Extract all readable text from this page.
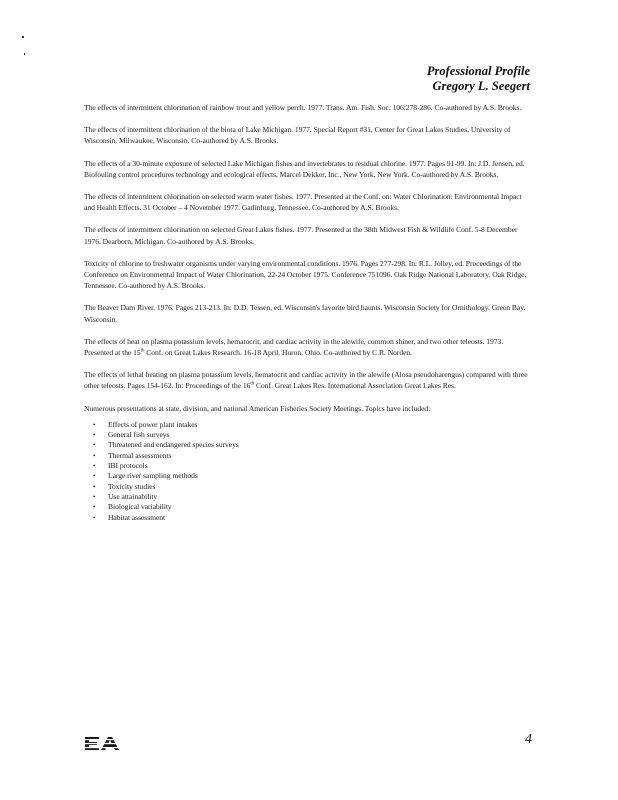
Professional Profile
Gregory L. Seegert

The effects of intermittent chlorination of rainbow trout and yellow perch. 1977. Trans. Am. Fish. Soc. 106:278-286. Co-authored by A.S. Brooks.

The effects of intermittent chlorination of the biota of Lake Michigan. 1977. Special Report #31, Center for Great Lakes Studies, University of Wisconsin, Milwaukee, Wisconsin. Co-authored by A.S. Brooks.

The effects of a 30-minute exposure of selected Lake Michigan fishes and invertebrates to residual chlorine. 1977. Pages 91-99. In: J.D. Jensen, ed. Biofouling control procedures technology and ecological effects, Marcel Dekker, Inc., New York, New York. Co-authored by A.S. Brooks.

The effects of intermittent chlorination on selected warm water fishes. 1977. Presented at the Conf. on: Water Chlorination: Environmental Impact and Health Effects. 31 October – 4 November 1977. Gatlinburg, Tennessee. Co-authored by A.S. Brooks.

The effects of intermittent chlorination on selected Great Lakes fishes. 1977. Presented at the 38th Midwest Fish & Wildlife Conf. 5-8 December 1976. Dearborn, Michigan. Co-authored by A.S. Brooks.

Toxicity of chlorine to freshwater organisms under varying environmental conditions. 1976. Pages 277-298. In: R.L. Jolley, ed. Proceedings of the Conference on Environmental Impact of Water Chlorination, 22-24 October 1975. Conference 751096. Oak Ridge National Laboratory. Oak Ridge, Tennessee. Co-authored by A.S. Brooks.

The Beaver Dam River. 1976. Pages 213-213. In: D.D. Tessen, ed. Wisconsin's favorite bird haunts. Wisconsin Society for Ornithology. Green Bay, Wisconsin.

The effects of heat on plasma potassium levels, hematocrit, and cardiac activity in the alewife, common shiner, and two other teleosts. 1973. Presented at the 15th Conf. on Great Lakes Research. 16-18 April. Huron, Ohio. Co-authored by C.R. Norden.

The effects of lethal heating on plasma potassium levels, hematocrit and cardiac activity in the alewife (Alosa pseudoharengus) compared with three other teleosts. Pages 154-162. In: Proceedings of the 16th Conf. Great Lakes Res. International Association Great Lakes Res.

Numerous presentations at state, division, and national American Fisheries Society Meetings. Topics have included:

• Effects of power plant intakes
• General fish surveys
• Threatened and endangered species surveys
• Thermal assessments
• IBI protocols
• Large river sampling methods
• Toxicity studies
• Use attainability
• Biological variability
• Habitat assessment
4
